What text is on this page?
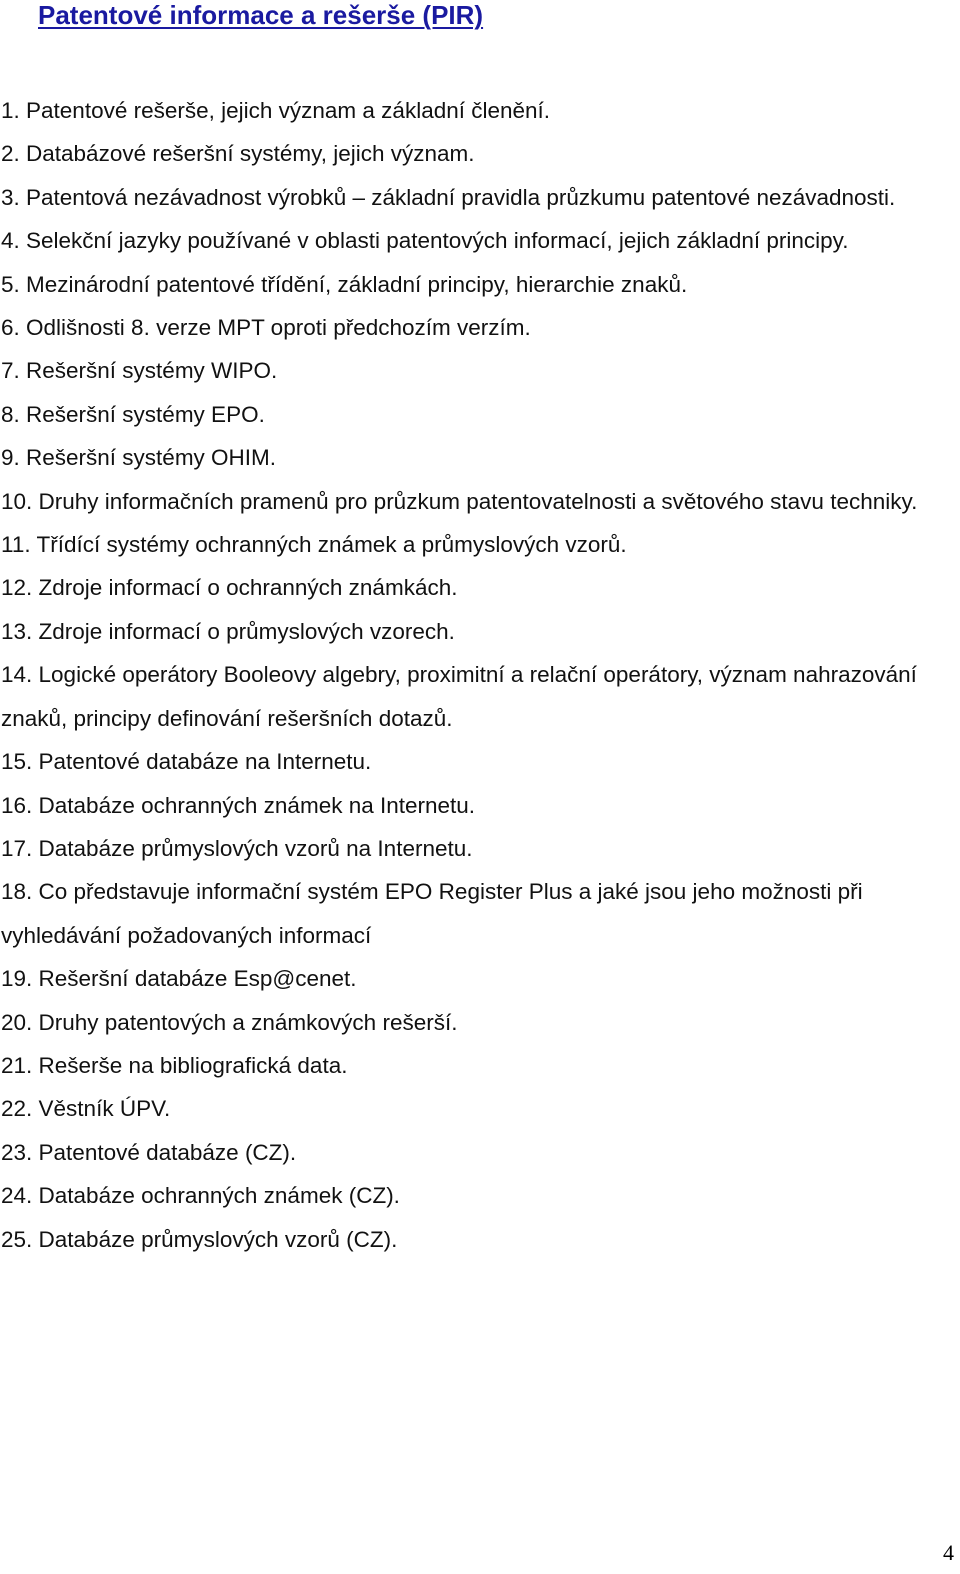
Patentové informace a rešerše (PIR)
1. Patentové rešerše, jejich význam a základní členění.
2. Databázové rešeršní systémy, jejich význam.
3. Patentová nezávadnost výrobků – základní pravidla průzkumu patentové nezávadnosti.
4. Selekční jazyky používané v oblasti patentových informací, jejich základní principy.
5. Mezinárodní patentové třídění, základní principy, hierarchie znaků.
6. Odlišnosti 8. verze MPT oproti předchozím verzím.
7. Rešeršní systémy WIPO.
8. Rešeršní systémy EPO.
9. Rešeršní systémy OHIM.
10. Druhy informačních pramenů pro průzkum patentovatelnosti a světového stavu techniky.
11. Třídící systémy ochranných známek a průmyslových vzorů.
12. Zdroje informací o ochranných známkách.
13. Zdroje informací o průmyslových vzorech.
14. Logické operátory Booleovy algebry, proximitní a relační operátory, význam nahrazování znaků, principy definování rešeršních dotazů.
15. Patentové databáze na Internetu.
16. Databáze ochranných známek na Internetu.
17. Databáze průmyslových vzorů na Internetu.
18. Co představuje informační systém EPO Register Plus a jaké jsou jeho možnosti při vyhledávání požadovaných informací
19. Rešeršní databáze Esp@cenet.
20. Druhy patentových a známkových rešerší.
21. Rešerše na bibliografická data.
22. Věstník ÚPV.
23. Patentové databáze (CZ).
24. Databáze ochranných známek (CZ).
25. Databáze průmyslových vzorů (CZ).
4
